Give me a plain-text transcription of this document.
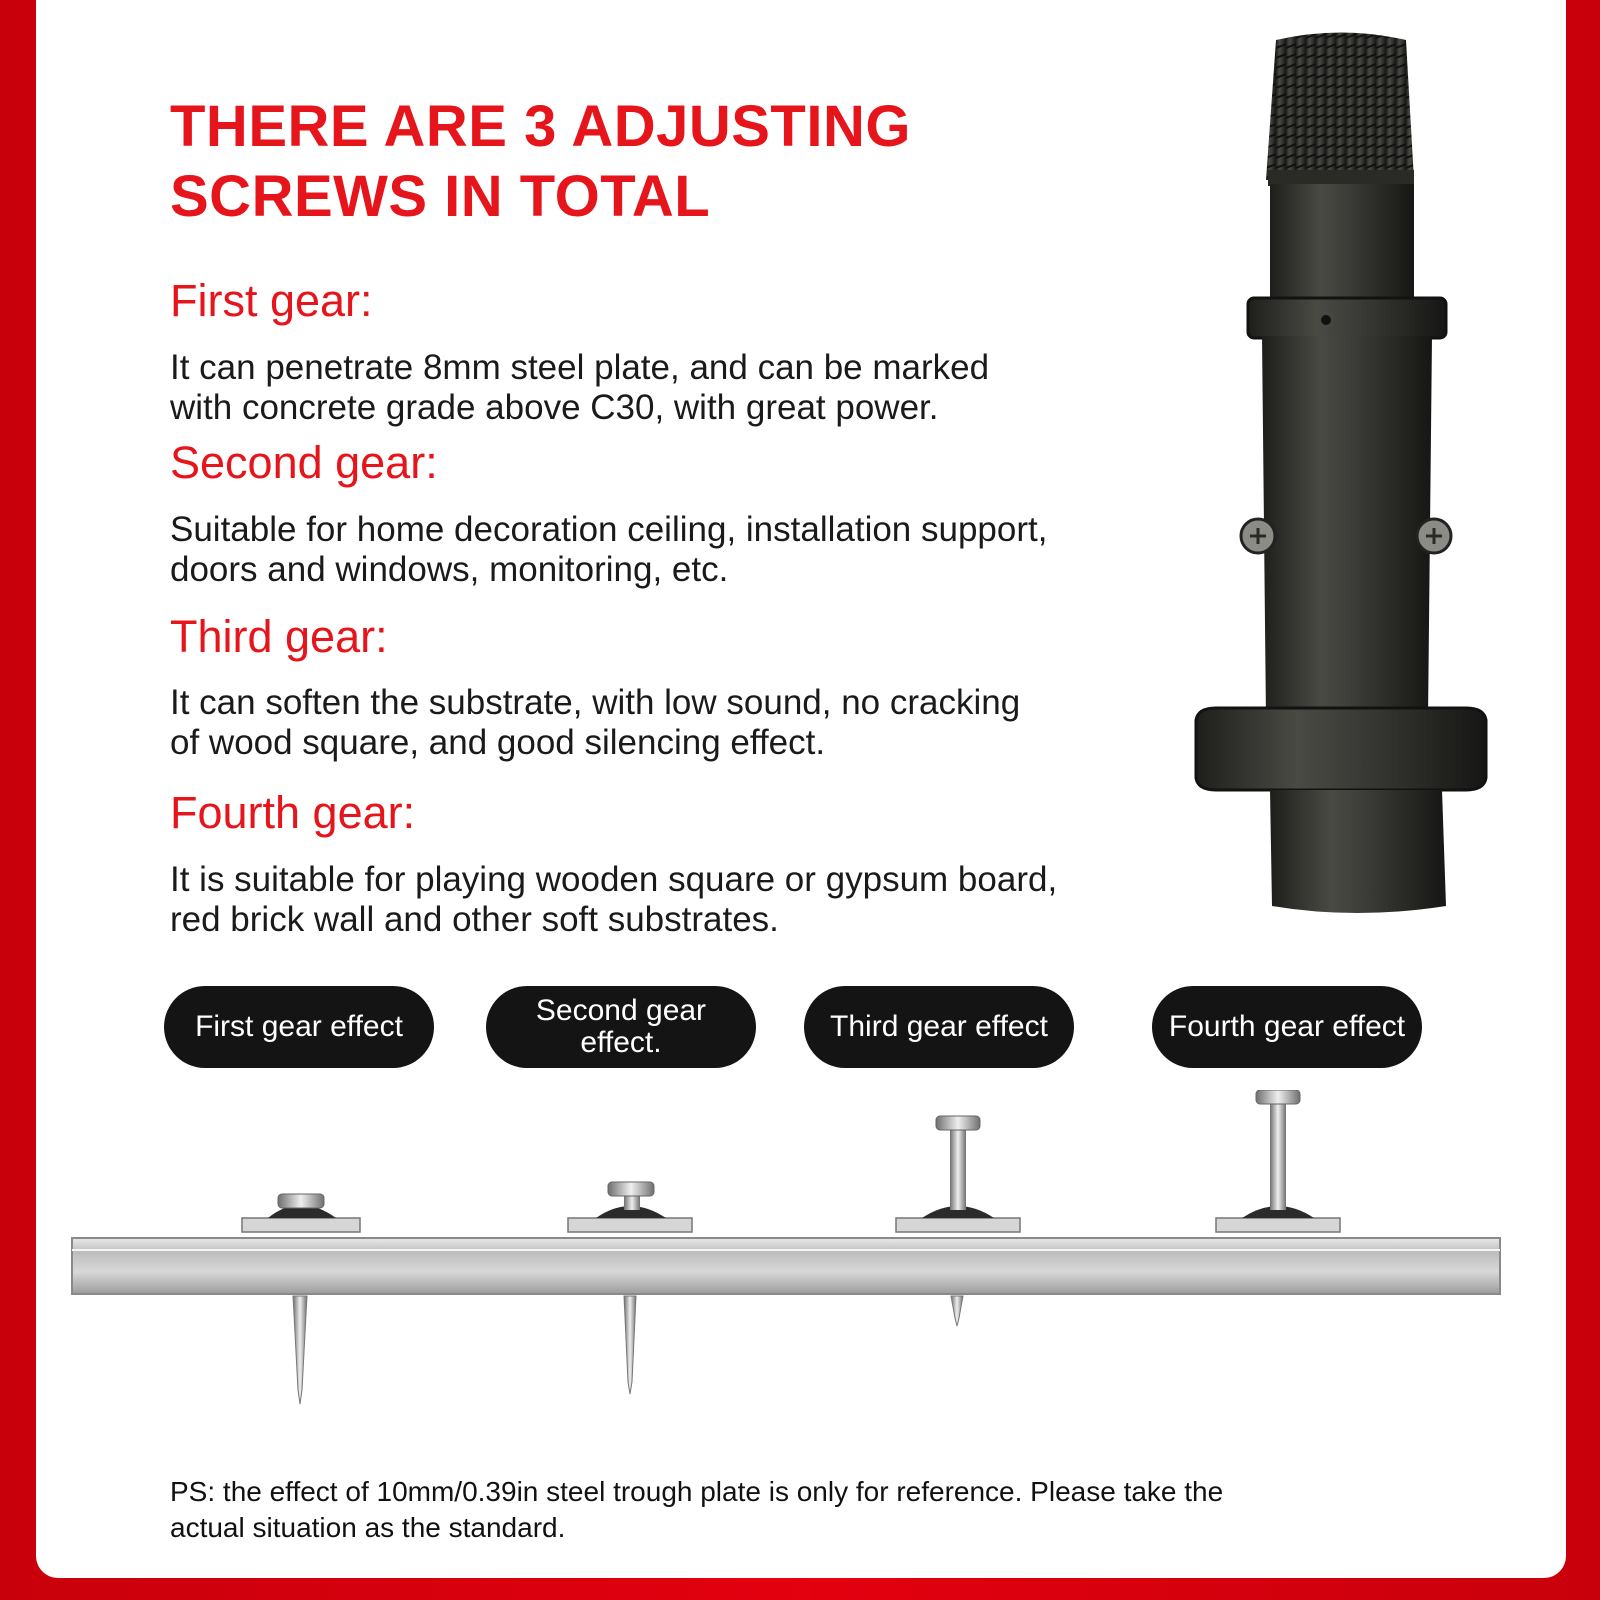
THERE ARE 3 ADJUSTING
SCREWS IN TOTAL
First gear:

It can penetrate 8mm steel plate, and can be marked
with concrete grade above C30, with great power.

Second gear:

Suitable for home decoration ceiling, installation support,
doors and windows, monitoring, etc.

Third gear:

It can soften the substrate, with low sound, no cracking
of wood square, and good silencing effect.

Fourth gear:

It is suitable for playing wooden square or gypsum board,
red brick wall and other soft substrates.

First gear effect	Second gear
effect.	Third gear effect	Fourth gear effect

PS: the effect of 10mm/0.39in steel trough plate is only for reference. Please take the
actual situation as the standard.
